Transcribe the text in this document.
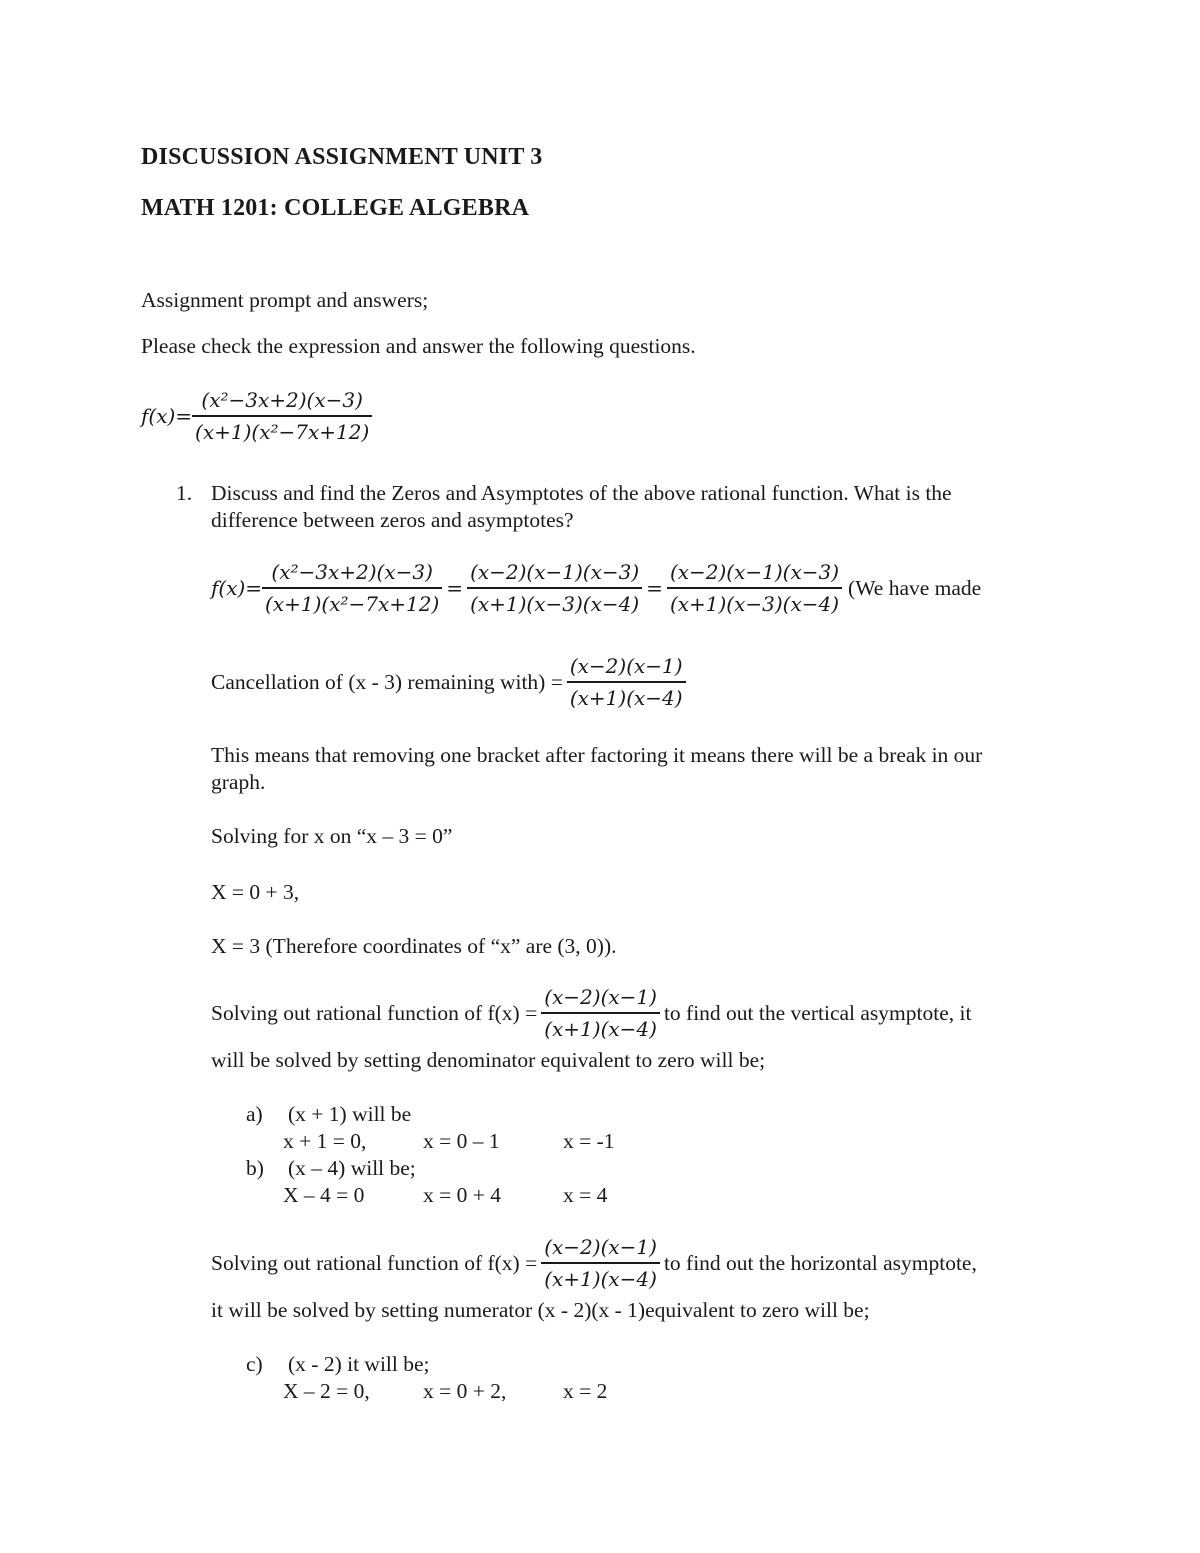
DISCUSSION ASSIGNMENT UNIT 3
MATH 1201: COLLEGE ALGEBRA
Assignment prompt and answers;
Please check the expression and answer the following questions.
$f(x)= \frac{\text{(x²−3x+2)(x−3)}}{\text{(x+1)(x²−7x+12)}}$
1. Discuss and find the Zeros and Asymptotes of the above rational function. What is the
difference between zeros and asymptotes?
$f(x)= \frac{\text{(x²−3x+2)(x−3)}}{\text{(x+1)(x²−7x+12)}} = \frac{(x-2)(x-1)(x-3)}{(x+1)(x-3)(x-4)} = \frac{(x-2)(x-1)(x-3)}{(x+1)(x-3)(x-4)} (We$ have made
Cancellation of (x - 3) remaining with) = $\frac{(x-2)(x-1)}{(x+1)(x-4)}$
This means that removing one bracket after factoring it means there will be a break in our
graph.
Solving for x on “x – 3 = 0”
X = 0 + 3,
X = 3 (Therefore coordinates of “x” are (3, 0)).
Solving out rational function of $f(x) = \frac{(x-2)(x-1)}{(x+1)(x-4)}$ to find out the vertical asymptote, it
will be solved by setting denominator equivalent to zero will be;
a) (x + 1) will be
x + 1 = 0,	x = 0 – 1	x = -1
b) (x – 4) will be;
X – 4 = 0	x = 0 + 4	x = 4
Solving out rational function of $f(x) = \frac{(x-2)(x-1)}{(x+1)(x-4)}$ to find out the horizontal asymptote,
it will be solved by setting numerator (x - 2)(x - 1)equivalent to zero will be;
c) (x - 2) it will be;
X – 2 = 0, x = 0 + 2,	x = 2
